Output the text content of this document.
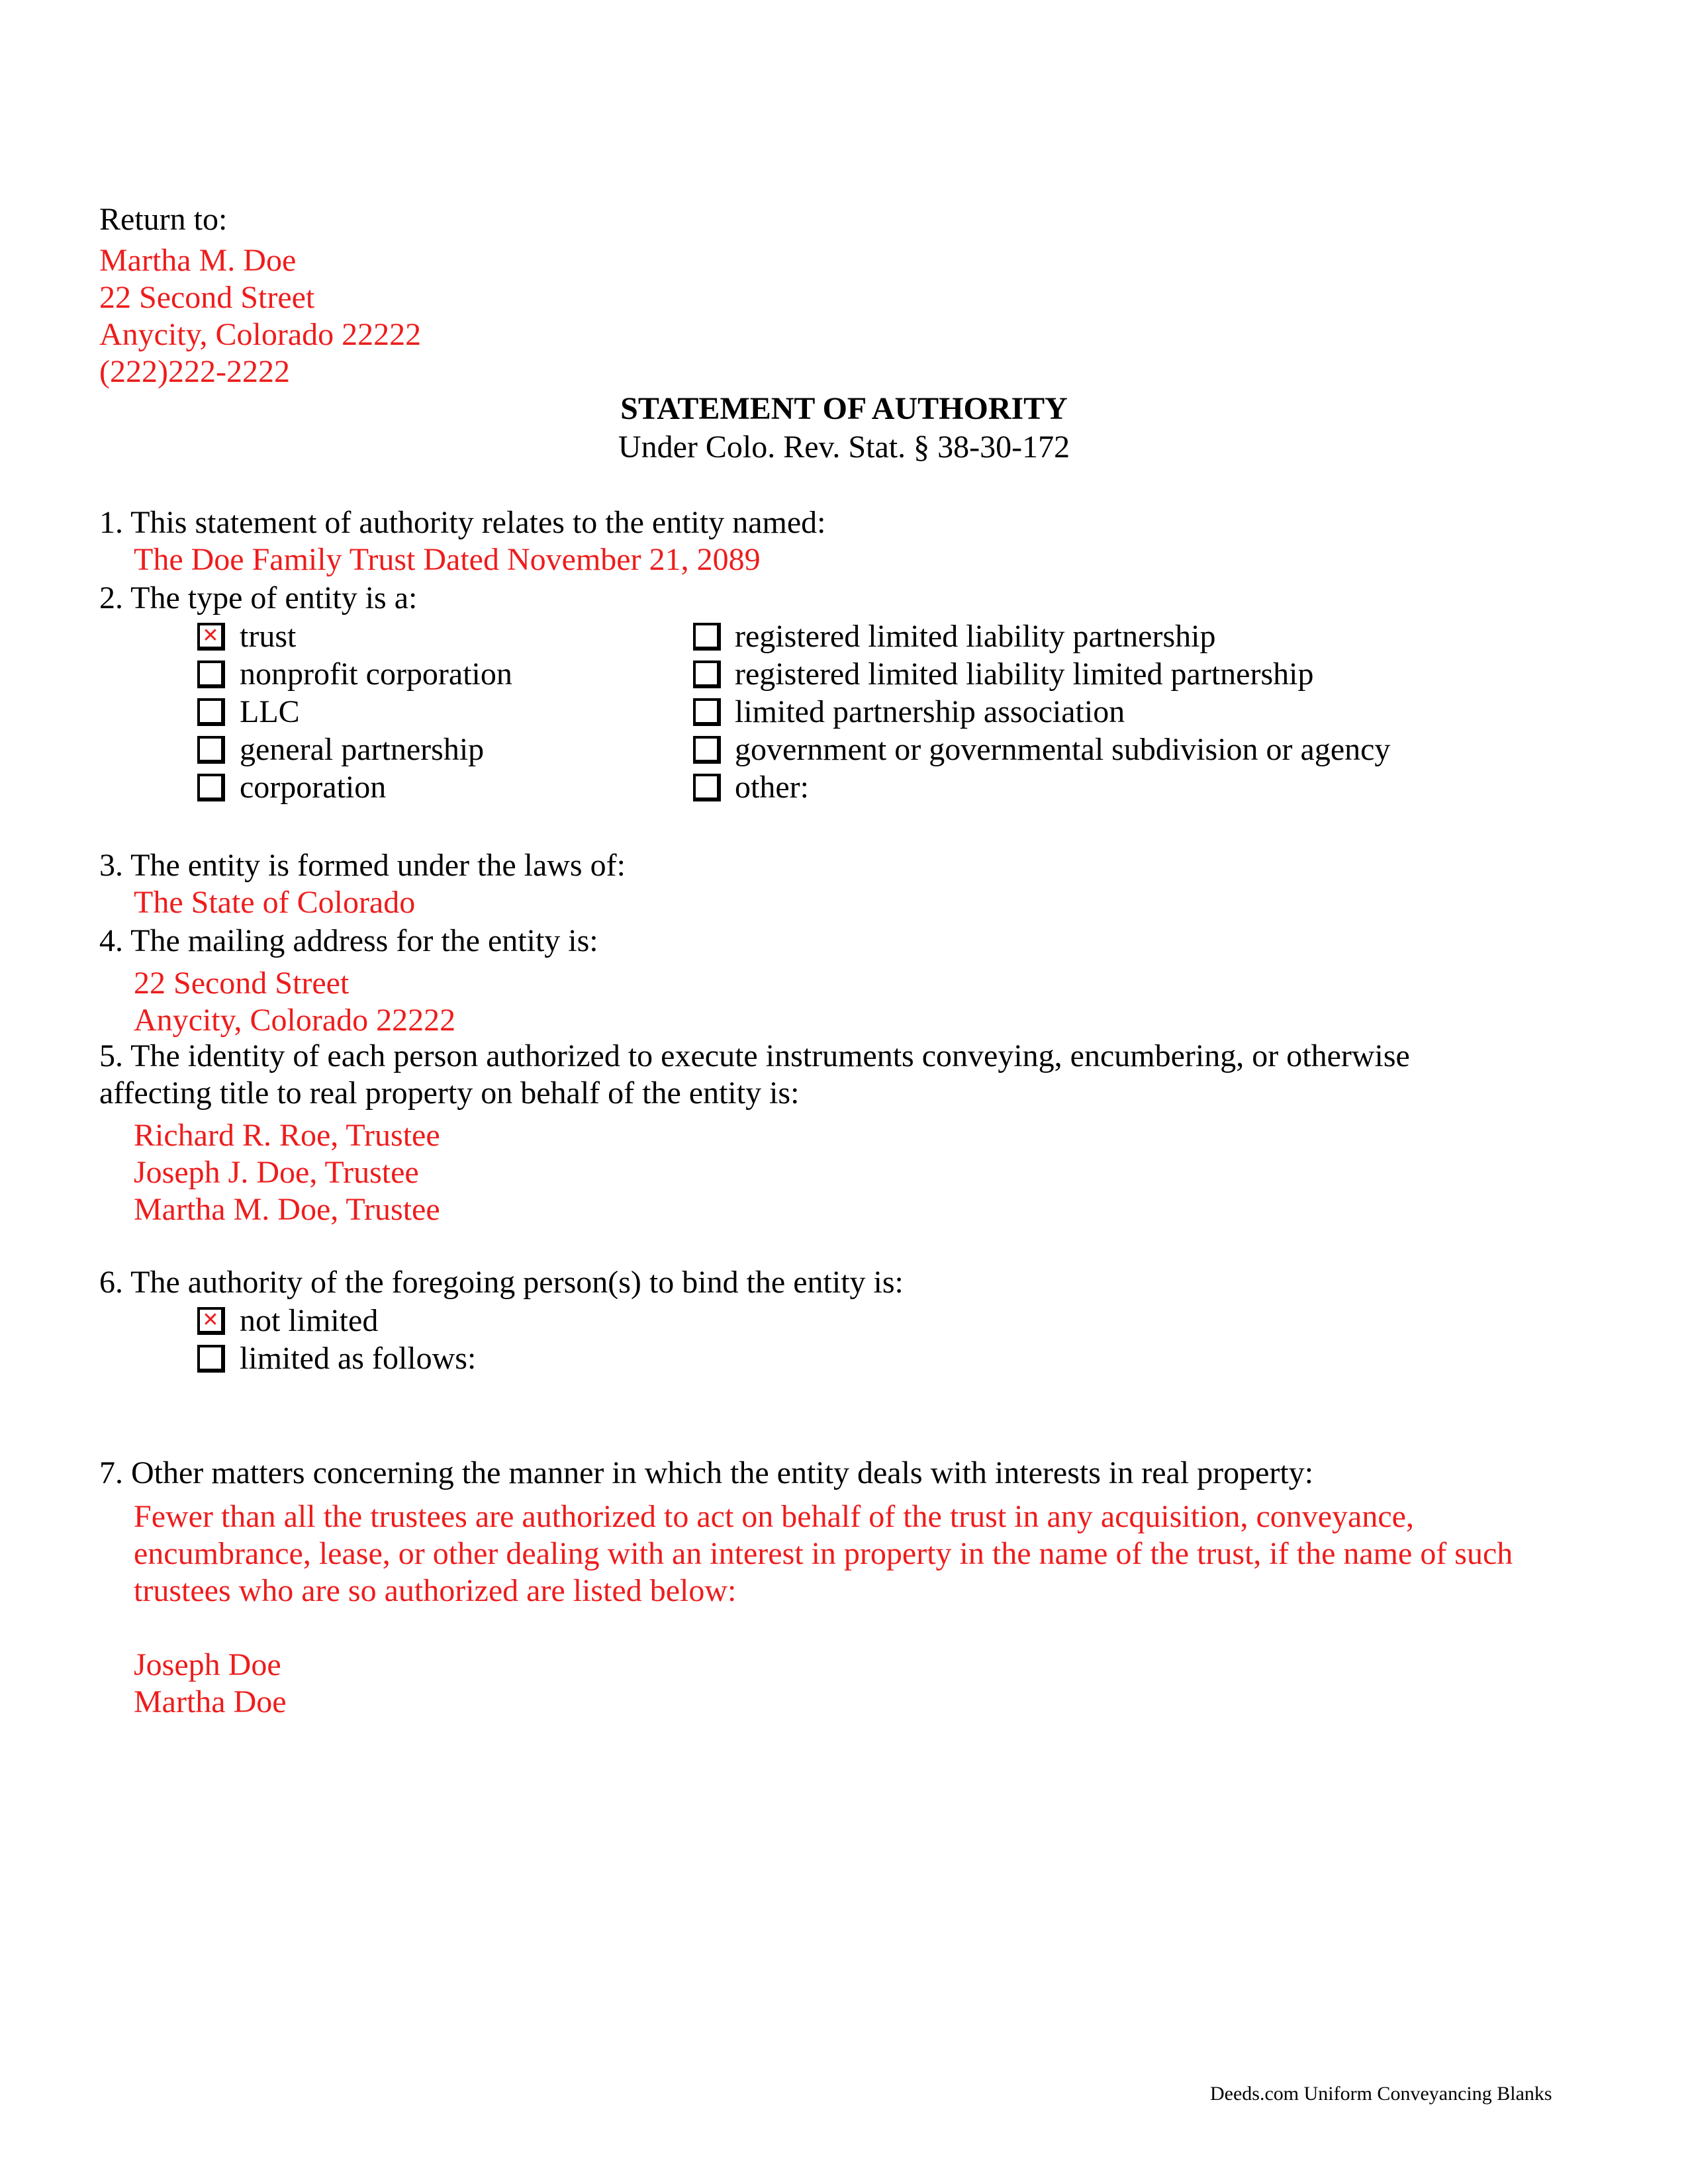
Return to:
Martha M. Doe
22 Second Street
Anycity, Colorado 22222
(222)222-2222
STATEMENT OF AUTHORITY
Under Colo. Rev. Stat. § 38-30-172
1. This statement of authority relates to the entity named:
The Doe Family Trust Dated November 21, 2089
2. The type of entity is a:
✕
trust
nonprofit corporation
LLC
general partnership
corporation
registered limited liability partnership
registered limited liability limited partnership
limited partnership association
government or governmental subdivision or agency
other:
3. The entity is formed under the laws of:
The State of Colorado
4. The mailing address for the entity is:
22 Second Street
Anycity, Colorado 22222
5. The identity of each person authorized to execute instruments conveying, encumbering, or otherwise
affecting title to real property on behalf of the entity is:
Richard R. Roe, Trustee
Joseph J. Doe, Trustee
Martha M. Doe, Trustee
6. The authority of the foregoing person(s) to bind the entity is:
✕
not limited
limited as follows:
7. Other matters concerning the manner in which the entity deals with interests in real property:
Fewer than all the trustees are authorized to act on behalf of the trust in any acquisition, conveyance,
encumbrance, lease, or other dealing with an interest in property in the name of the trust, if the name of such
trustees who are so authorized are listed below:
Joseph Doe
Martha Doe
Deeds.com Uniform Conveyancing Blanks
